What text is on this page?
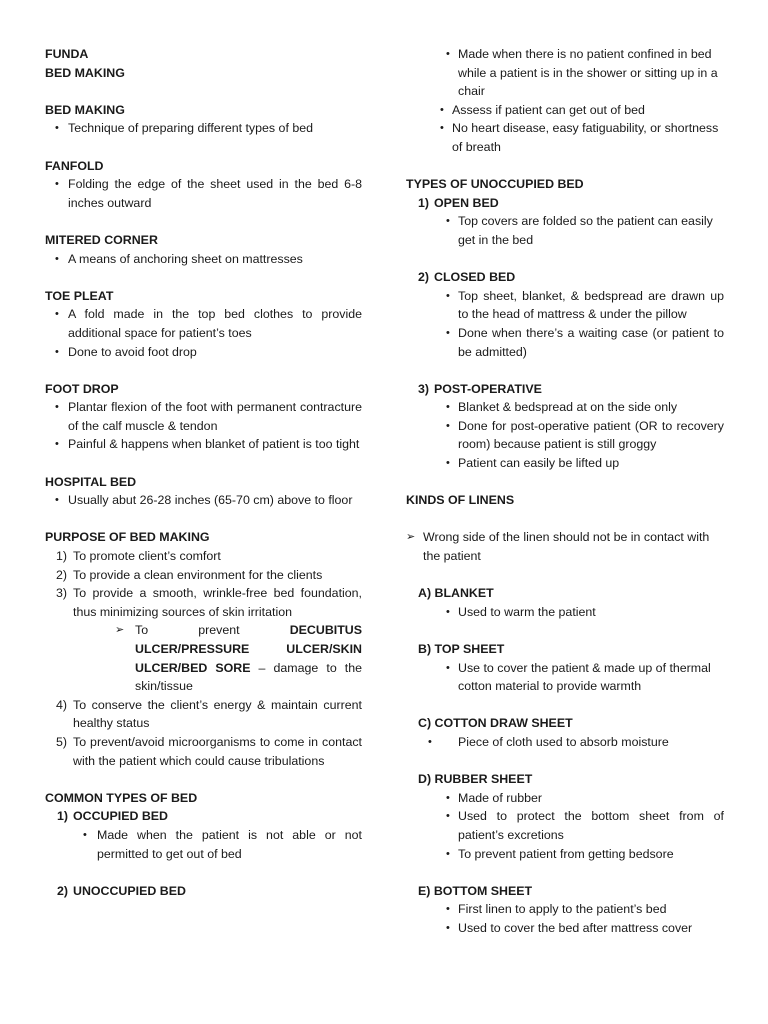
FUNDA
BED MAKING
BED MAKING
• Technique of preparing different types of bed
FANFOLD
• Folding the edge of the sheet used in the bed 6-8 inches outward
MITERED CORNER
• A means of anchoring sheet on mattresses
TOE PLEAT
• A fold made in the top bed clothes to provide additional space for patient’s toes
• Done to avoid foot drop
FOOT DROP
• Plantar flexion of the foot with permanent contracture of the calf muscle & tendon
• Painful & happens when blanket of patient is too tight
HOSPITAL BED
• Usually abut 26-28 inches (65-70 cm) above to floor
PURPOSE OF BED MAKING
1) To promote client’s comfort
2) To provide a clean environment for the clients
3) To provide a smooth, wrinkle-free bed foundation, thus minimizing sources of skin irritation
➢ To prevent	DECUBITUS ULCER/PRESSURE ULCER/SKIN ULCER/BED SORE – damage to the skin/tissue
4) To conserve the client’s energy & maintain current healthy status
5) To prevent/avoid microorganisms to come in contact with the patient which could cause tribulations
COMMON TYPES OF BED
1) OCCUPIED BED
• Made when the patient is not able or not permitted to get out of bed
2) UNOCCUPIED BED
• Made when there is no patient confined in bed while a patient is in the shower or sitting up in a chair
• Assess if patient can get out of bed
• No heart disease, easy fatiguability, or shortness of breath
TYPES OF UNOCCUPIED BED
1) OPEN BED
• Top covers are folded so the patient can easily get in the bed
2) CLOSED BED
• Top sheet, blanket, & bedspread are drawn up to the head of mattress & under the pillow
• Done when there’s a waiting case (or patient to be admitted)
3) POST-OPERATIVE
• Blanket & bedspread at on the side only
• Done for post-operative patient (OR to recovery room) because patient is still groggy
• Patient can easily be lifted up
KINDS OF LINENS
➢ Wrong side of the linen should not be in contact with the patient
A) BLANKET
• Used to warm the patient
B) TOP SHEET
• Use to cover the patient & made up of thermal cotton material to provide warmth
C) COTTON DRAW SHEET
• Piece of cloth used to absorb moisture
D) RUBBER SHEET
• Made of rubber
• Used to protect the bottom sheet from of patient’s excretions
• To prevent patient from getting bedsore
E) BOTTOM SHEET
• First linen to apply to the patient’s bed
• Used to cover the bed after mattress cover
